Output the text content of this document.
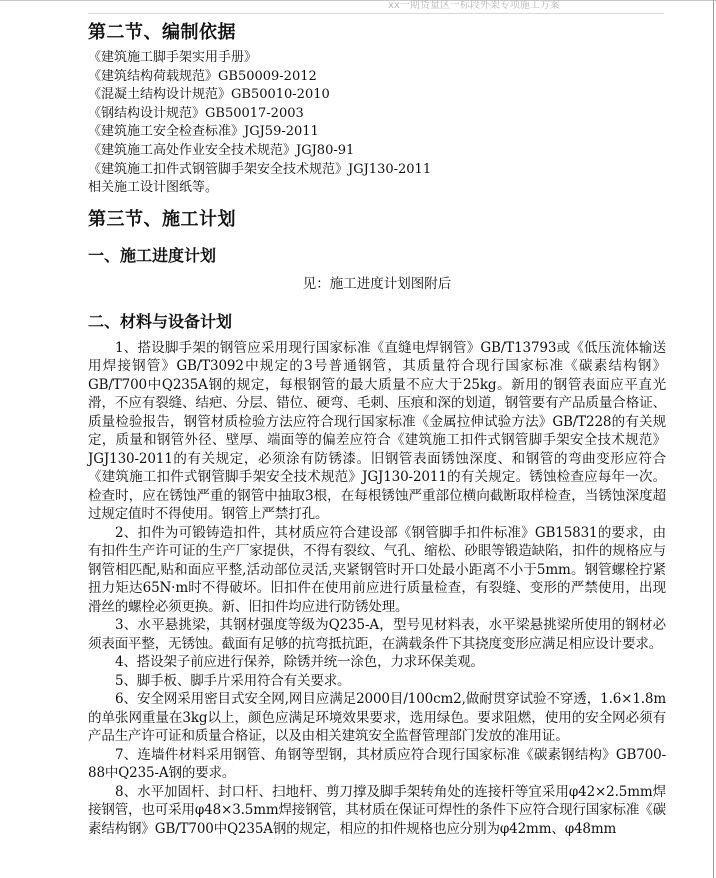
xx一期货量区一标段外架专项施工方案
第二节、编制依据
《建筑施工脚手架实用手册》
《建筑结构荷载规范》GB50009-2012
《混凝土结构设计规范》GB50010-2010
《钢结构设计规范》GB50017-2003
《建筑施工安全检查标准》JGJ59-2011
《建筑施工高处作业安全技术规范》JGJ80-91
《建筑施工扣件式钢管脚手架安全技术规范》JGJ130-2011
相关施工设计图纸等。
第三节、施工计划
一、施工进度计划
见：施工进度计划图附后
二、材料与设备计划

1、搭设脚手架的钢管应采用现行国家标准《直缝电焊钢管》GB/T13793或《低压流体输送用焊接钢管》GB/T3092中规定的3号普通钢管，其质量符合现行国家标准《碳素结构钢》GB/T700中Q235A钢的规定，每根钢管的最大质量不应大于25kg。新用的钢管表面应平直光滑，不应有裂缝、结疤、分层、错位、硬弯、毛刺、压痕和深的划道，钢管要有产品质量合格证、质量检验报告，钢管材质检验方法应符合现行国家标准《金属拉伸试验方法》GB/T228的有关规定，质量和钢管外径、壁厚、端面等的偏差应符合《建筑施工扣件式钢管脚手架安全技术规范》JGJ130-2011的有关规定，必须涂有防锈漆。旧钢管表面锈蚀深度、和钢管的弯曲变形应符合《建筑施工扣件式钢管脚手架安全技术规范》JGJ130-2011的有关规定。锈蚀检查应每年一次。检查时，应在锈蚀严重的钢管中抽取3根，在每根锈蚀严重部位横向截断取样检查，当锈蚀深度超过规定值时不得使用。钢管上严禁打孔。

2、扣件为可锻铸造扣件，其材质应符合建设部《钢管脚手扣件标准》GB15831的要求，由有扣件生产许可证的生产厂家提供，不得有裂纹、气孔、缩松、砂眼等锻造缺陷，扣件的规格应与钢管相匹配,贴和面应平整,活动部位灵活,夹紧钢管时开口处最小距离不小于5mm。钢管螺栓拧紧扭力矩达65N·m时不得破坏。旧扣件在使用前应进行质量检查，有裂缝、变形的严禁使用，出现滑丝的螺栓必须更换。新、旧扣件均应进行防锈处理。

3、水平悬挑梁，其钢材强度等级为Q235-A，型号见材料表，水平梁悬挑梁所使用的钢材必须表面平整，无锈蚀。截面有足够的抗弯抵抗距，在满载条件下其挠度变形应满足相应设计要求。

4、搭设架子前应进行保养，除锈并统一涂色，力求环保美观。

5、脚手板、脚手片采用符合有关要求。

6、安全网采用密目式安全网,网目应满足2000目/100cm2,做耐贯穿试验不穿透，1.6×1.8m的单张网重量在3kg以上，颜色应满足环境效果要求，选用绿色。要求阻燃，使用的安全网必须有产品生产许可证和质量合格证，以及由相关建筑安全监督管理部门发放的准用证。

7、连墙件材料采用钢管、角钢等型钢，其材质应符合现行国家标准《碳素钢结构》GB700-88中Q235-A钢的要求。

8、水平加固杆、封口杆、扫地杆、剪刀撑及脚手架转角处的连接杆等宜采用φ42×2.5mm焊接钢管，也可采用φ48×3.5mm焊接钢管，其材质在保证可焊性的条件下应符合现行国家标准《碳素结构钢》GB/T700中Q235A钢的规定，相应的扣件规格也应分别为φ42mm、φ48mm
